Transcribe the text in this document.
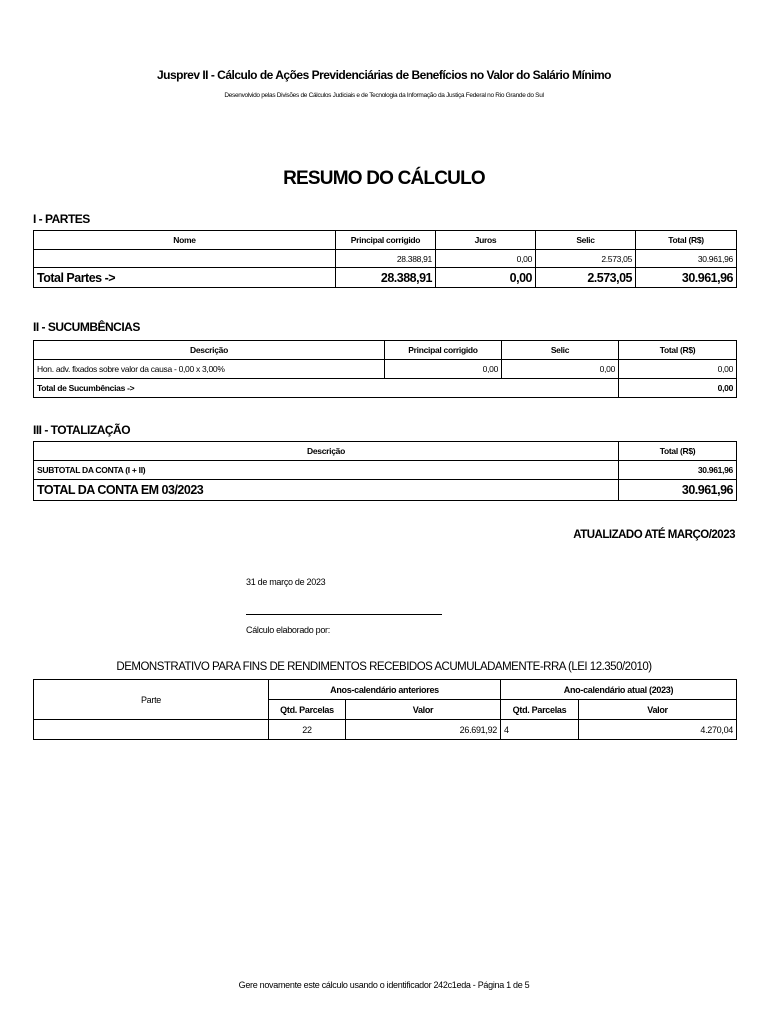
Jusprev II - Cálculo de Ações Previdenciárias de Benefícios no Valor do Salário Mínimo
Desenvolvido pelas Divisões de Cálculos Judiciais e de Tecnologia da Informação da Justiça Federal no Rio Grande do Sul
RESUMO DO CÁLCULO
I - PARTES
Nome	Principal corrigido	Juros	Selic	Total (R$)
	28.388,91	0,00	2.573,05	30.961,96
Total Partes ->	28.388,91	0,00	2.573,05	30.961,96
II - SUCUMBÊNCIAS
Descrição	Principal corrigido	Selic	Total (R$)
Hon. adv. fixados sobre valor da causa - 0,00 x 3,00%	0,00	0,00	0,00
Total de Sucumbências ->			0,00
III - TOTALIZAÇÃO
Descrição	Total (R$)
SUBTOTAL DA CONTA (I + II)	30.961,96
TOTAL DA CONTA EM 03/2023	30.961,96
ATUALIZADO ATÉ MARÇO/2023
31 de março de 2023
Cálculo elaborado por:
DEMONSTRATIVO PARA FINS DE RENDIMENTOS RECEBIDOS ACUMULADAMENTE-RRA (LEI 12.350/2010)
Parte	Anos-calendário anteriores		Ano-calendário atual (2023)	
	Qtd. Parcelas	Valor	Qtd. Parcelas	Valor
	22	26.691,92	4	4.270,04
Gere novamente este cálculo usando o identificador 242c1eda - Página 1 de 5
